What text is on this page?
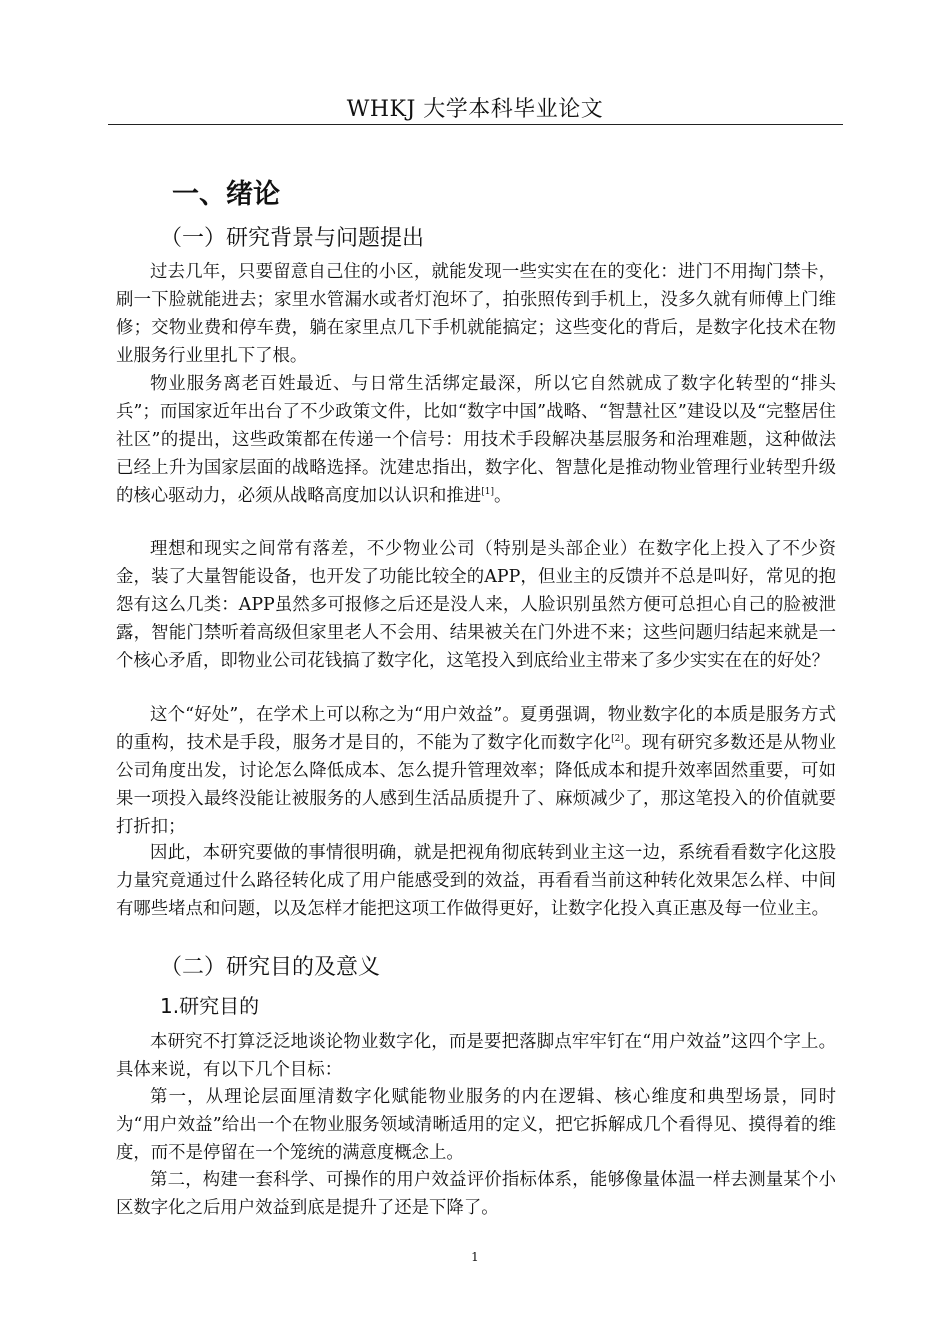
WHKJ 大学本科毕业论文
一、绪论
（一）研究背景与问题提出

过去几年，只要留意自己住的小区，就能发现一些实实在在的变化：进门不用掏门禁卡，刷一下脸就能进去；家里水管漏水或者灯泡坏了，拍张照传到手机上，没多久就有师傅上门维修；交物业费和停车费，躺在家里点几下手机就能搞定；这些变化的背后，是数字化技术在物业服务行业里扎下了根。

物业服务离老百姓最近、与日常生活绑定最深，所以它自然就成了数字化转型的“排头兵”；而国家近年出台了不少政策文件，比如“数字中国”战略、“智慧社区”建设以及“完整居住社区”的提出，这些政策都在传递一个信号：用技术手段解决基层服务和治理难题，这种做法已经上升为国家层面的战略选择。沈建忠指出，数字化、智慧化是推动物业管理行业转型升级的核心驱动力，必须从战略高度加以认识和推进[1]。

理想和现实之间常有落差，不少物业公司（特别是头部企业）在数字化上投入了不少资金，装了大量智能设备，也开发了功能比较全的APP，但业主的反馈并不总是叫好，常见的抱怨有这么几类：APP虽然多可报修之后还是没人来，人脸识别虽然方便可总担心自己的脸被泄露，智能门禁听着高级但家里老人不会用、结果被关在门外进不来；这些问题归结起来就是一个核心矛盾，即物业公司花钱搞了数字化，这笔投入到底给业主带来了多少实实在在的好处？

这个“好处”，在学术上可以称之为“用户效益”。夏勇强调，物业数字化的本质是服务方式的重构，技术是手段，服务才是目的，不能为了数字化而数字化[2]。现有研究多数还是从物业公司角度出发，讨论怎么降低成本、怎么提升管理效率；降低成本和提升效率固然重要，可如果一项投入最终没能让被服务的人感到生活品质提升了、麻烦减少了，那这笔投入的价值就要打折扣；

因此，本研究要做的事情很明确，就是把视角彻底转到业主这一边，系统看看数字化这股力量究竟通过什么路径转化成了用户能感受到的效益，再看看当前这种转化效果怎么样、中间有哪些堵点和问题，以及怎样才能把这项工作做得更好，让数字化投入真正惠及每一位业主。

（二）研究目的及意义
1.研究目的

本研究不打算泛泛地谈论物业数字化，而是要把落脚点牢牢钉在“用户效益”这四个字上。具体来说，有以下几个目标：

第一，从理论层面厘清数字化赋能物业服务的内在逻辑、核心维度和典型场景，同时为“用户效益”给出一个在物业服务领域清晰适用的定义，把它拆解成几个看得见、摸得着的维度，而不是停留在一个笼统的满意度概念上。

第二，构建一套科学、可操作的用户效益评价指标体系，能够像量体温一样去测量某个小区数字化之后用户效益到底是提升了还是下降了。

1
